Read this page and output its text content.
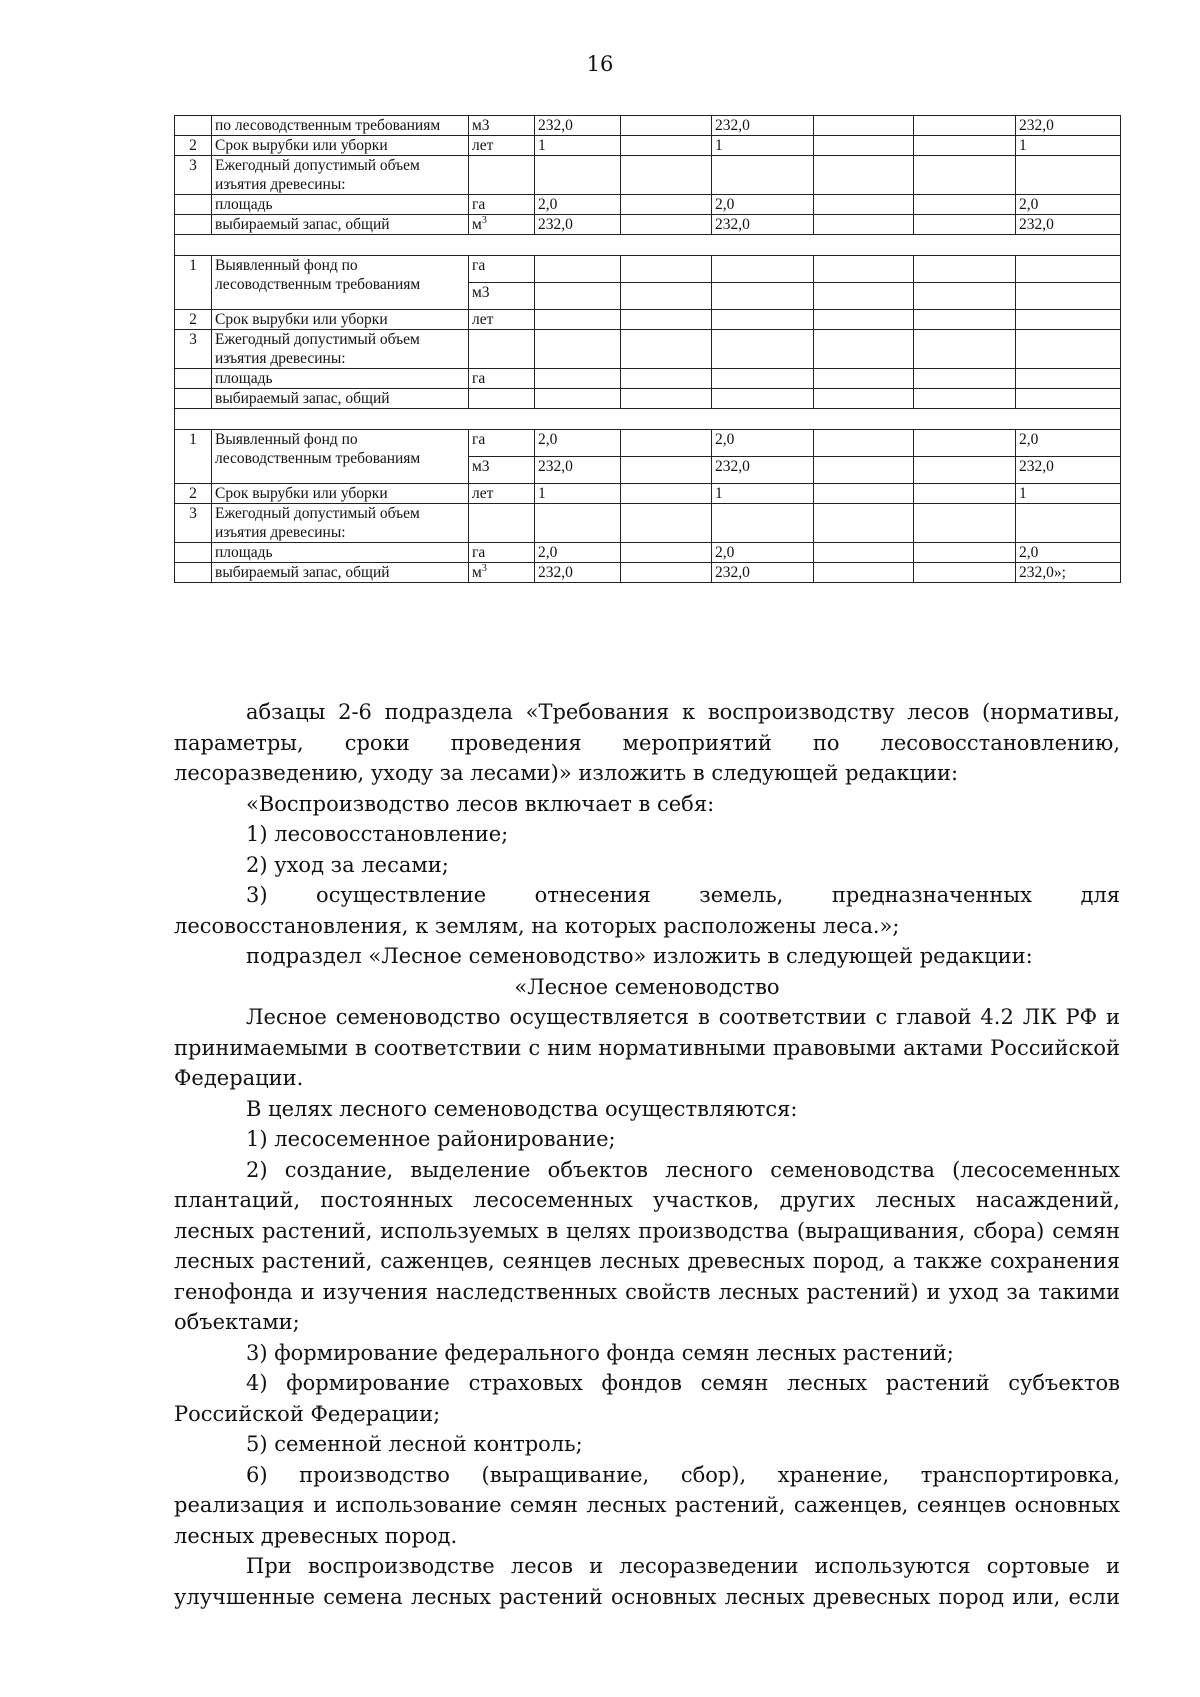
16
	по лесоводственным требованиям	м3	232,0		232,0			232,0
2	Срок вырубки или уборки	лет	1		1			1
3	Ежегодный допустимый объем изъятия древесины:							
	площадь	га	2,0		2,0			2,0
	выбираемый запас, общий	$м^3$	232,0		232,0			232,0

1	Выявленный фонд по лесоводственным требованиям	га						
		м3						
2	Срок вырубки или уборки	лет						
3	Ежегодный допустимый объем изъятия древесины:							
	площадь	га						
	выбираемый запас, общий							

1	Выявленный фонд по лесоводственным требованиям	га	2,0		2,0			2,0
		м3	232,0		232,0			232,0
2	Срок вырубки или уборки	лет	1		1			1
3	Ежегодный допустимый объем изъятия древесины:							
	площадь	га	2,0		2,0			2,0
	выбираемый запас, общий	$м^3$	232,0		232,0			232,0»;

абзацы 2-6 подраздела «Требования к воспроизводству лесов (нормативы, параметры, сроки проведения мероприятий по лесовосстановлению, лесоразведению, уходу за лесами)» изложить в следующей редакции:

«Воспроизводство лесов включает в себя:

1) лесовосстановление;

2) уход за лесами;

3) осуществление отнесения земель, предназначенных для лесовосстановления, к землям, на которых расположены леса.»;

подраздел «Лесное семеноводство» изложить в следующей редакции:

«Лесное семеноводство

Лесное семеноводство осуществляется в соответствии с главой 4.2 ЛК РФ и принимаемыми в соответствии с ним нормативными правовыми актами Российской Федерации.

В целях лесного семеноводства осуществляются:

1) лесосеменное районирование;

2) создание, выделение объектов лесного семеноводства (лесосеменных плантаций, постоянных лесосеменных участков, других лесных насаждений, лесных растений, используемых в целях производства (выращивания, сбора) семян лесных растений, саженцев, сеянцев лесных древесных пород, а также сохранения генофонда и изучения наследственных свойств лесных растений) и уход за такими объектами;

3) формирование федерального фонда семян лесных растений;

4) формирование страховых фондов семян лесных растений субъектов Российской Федерации;

5) семенной лесной контроль;

6) производство (выращивание, сбор), хранение, транспортировка, реализация и использование семян лесных растений, саженцев, сеянцев основных лесных древесных пород.

При воспроизводстве лесов и лесоразведении используются сортовые и улучшенные семена лесных растений основных лесных древесных пород или, если
